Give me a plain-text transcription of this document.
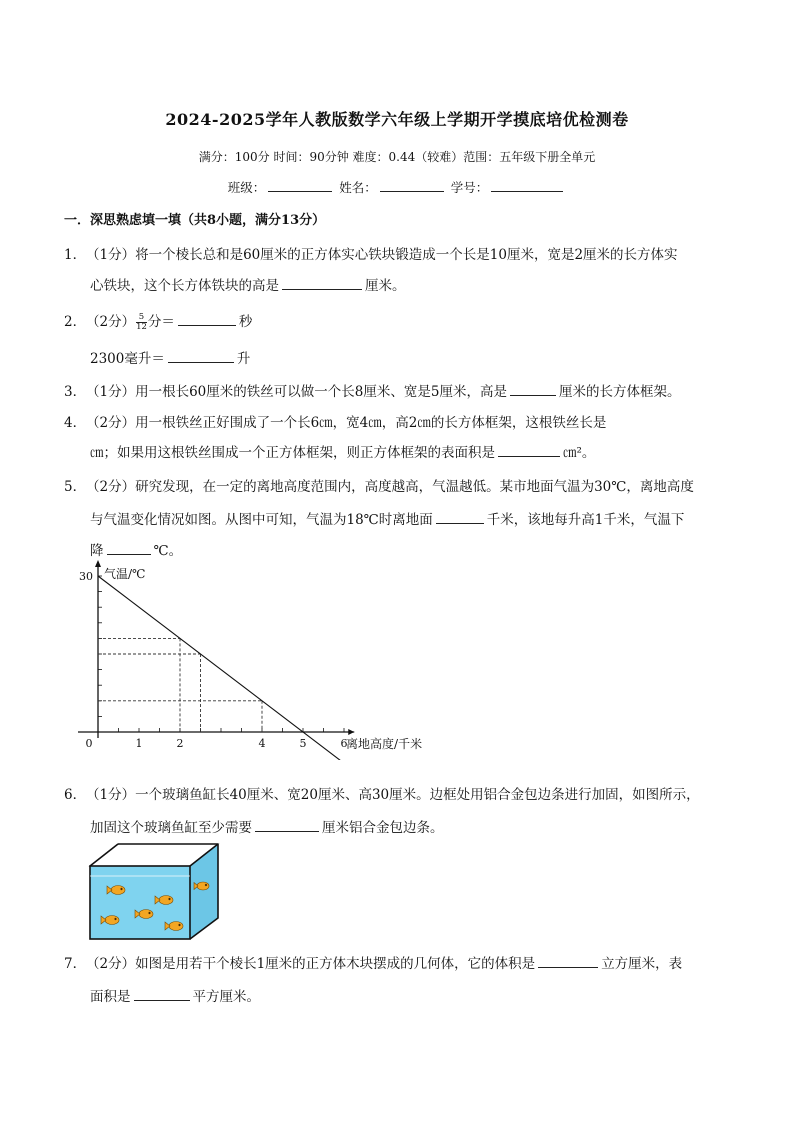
2024-2025学年人教版数学六年级上学期开学摸底培优检测卷
满分：100分 时间：90分钟 难度：0.44（较难）范围：五年级下册全单元
班级：	姓名：	学号：
一．深思熟虑填一填（共8小题，满分13分）
1．（1分）将一个棱长总和是60厘米的正方体实心铁块锻造成一个长是10厘米，宽是2厘米的长方体实
心铁块，这个长方体铁块的高是	厘米。
2．（2分） $\frac{5}{12}$ 分＝	秒
2300毫升＝	升
3．（1分）用一根长60厘米的铁丝可以做一个长8厘米、宽是5厘米，高是	厘米的长方体框架。
4．（2分）用一根铁丝正好围成了一个长6㎝，宽4㎝，高2㎝的长方体框架，这根铁丝长是
㎝；如果用这根铁丝围成一个正方体框架，则正方体框架的表面积是	㎝²。
5．（2分）研究发现，在一定的离地高度范围内，高度越高，气温越低。某市地面气温为30℃，离地高度
与气温变化情况如图。从图中可知，气温为18℃时离地面	千米，该地每升高1千米，气温下
降	℃。
0	1	2	4	5	6
30
离地高度/千米
气温/℃
6．（1分）一个玻璃鱼缸长40厘米、宽20厘米、高30厘米。边框处用铝合金包边条进行加固，如图所示，
加固这个玻璃鱼缸至少需要	厘米铝合金包边条。
7．（2分）如图是用若干个棱长1厘米的正方体木块摆成的几何体，它的体积是	立方厘米，表
面积是	平方厘米。
